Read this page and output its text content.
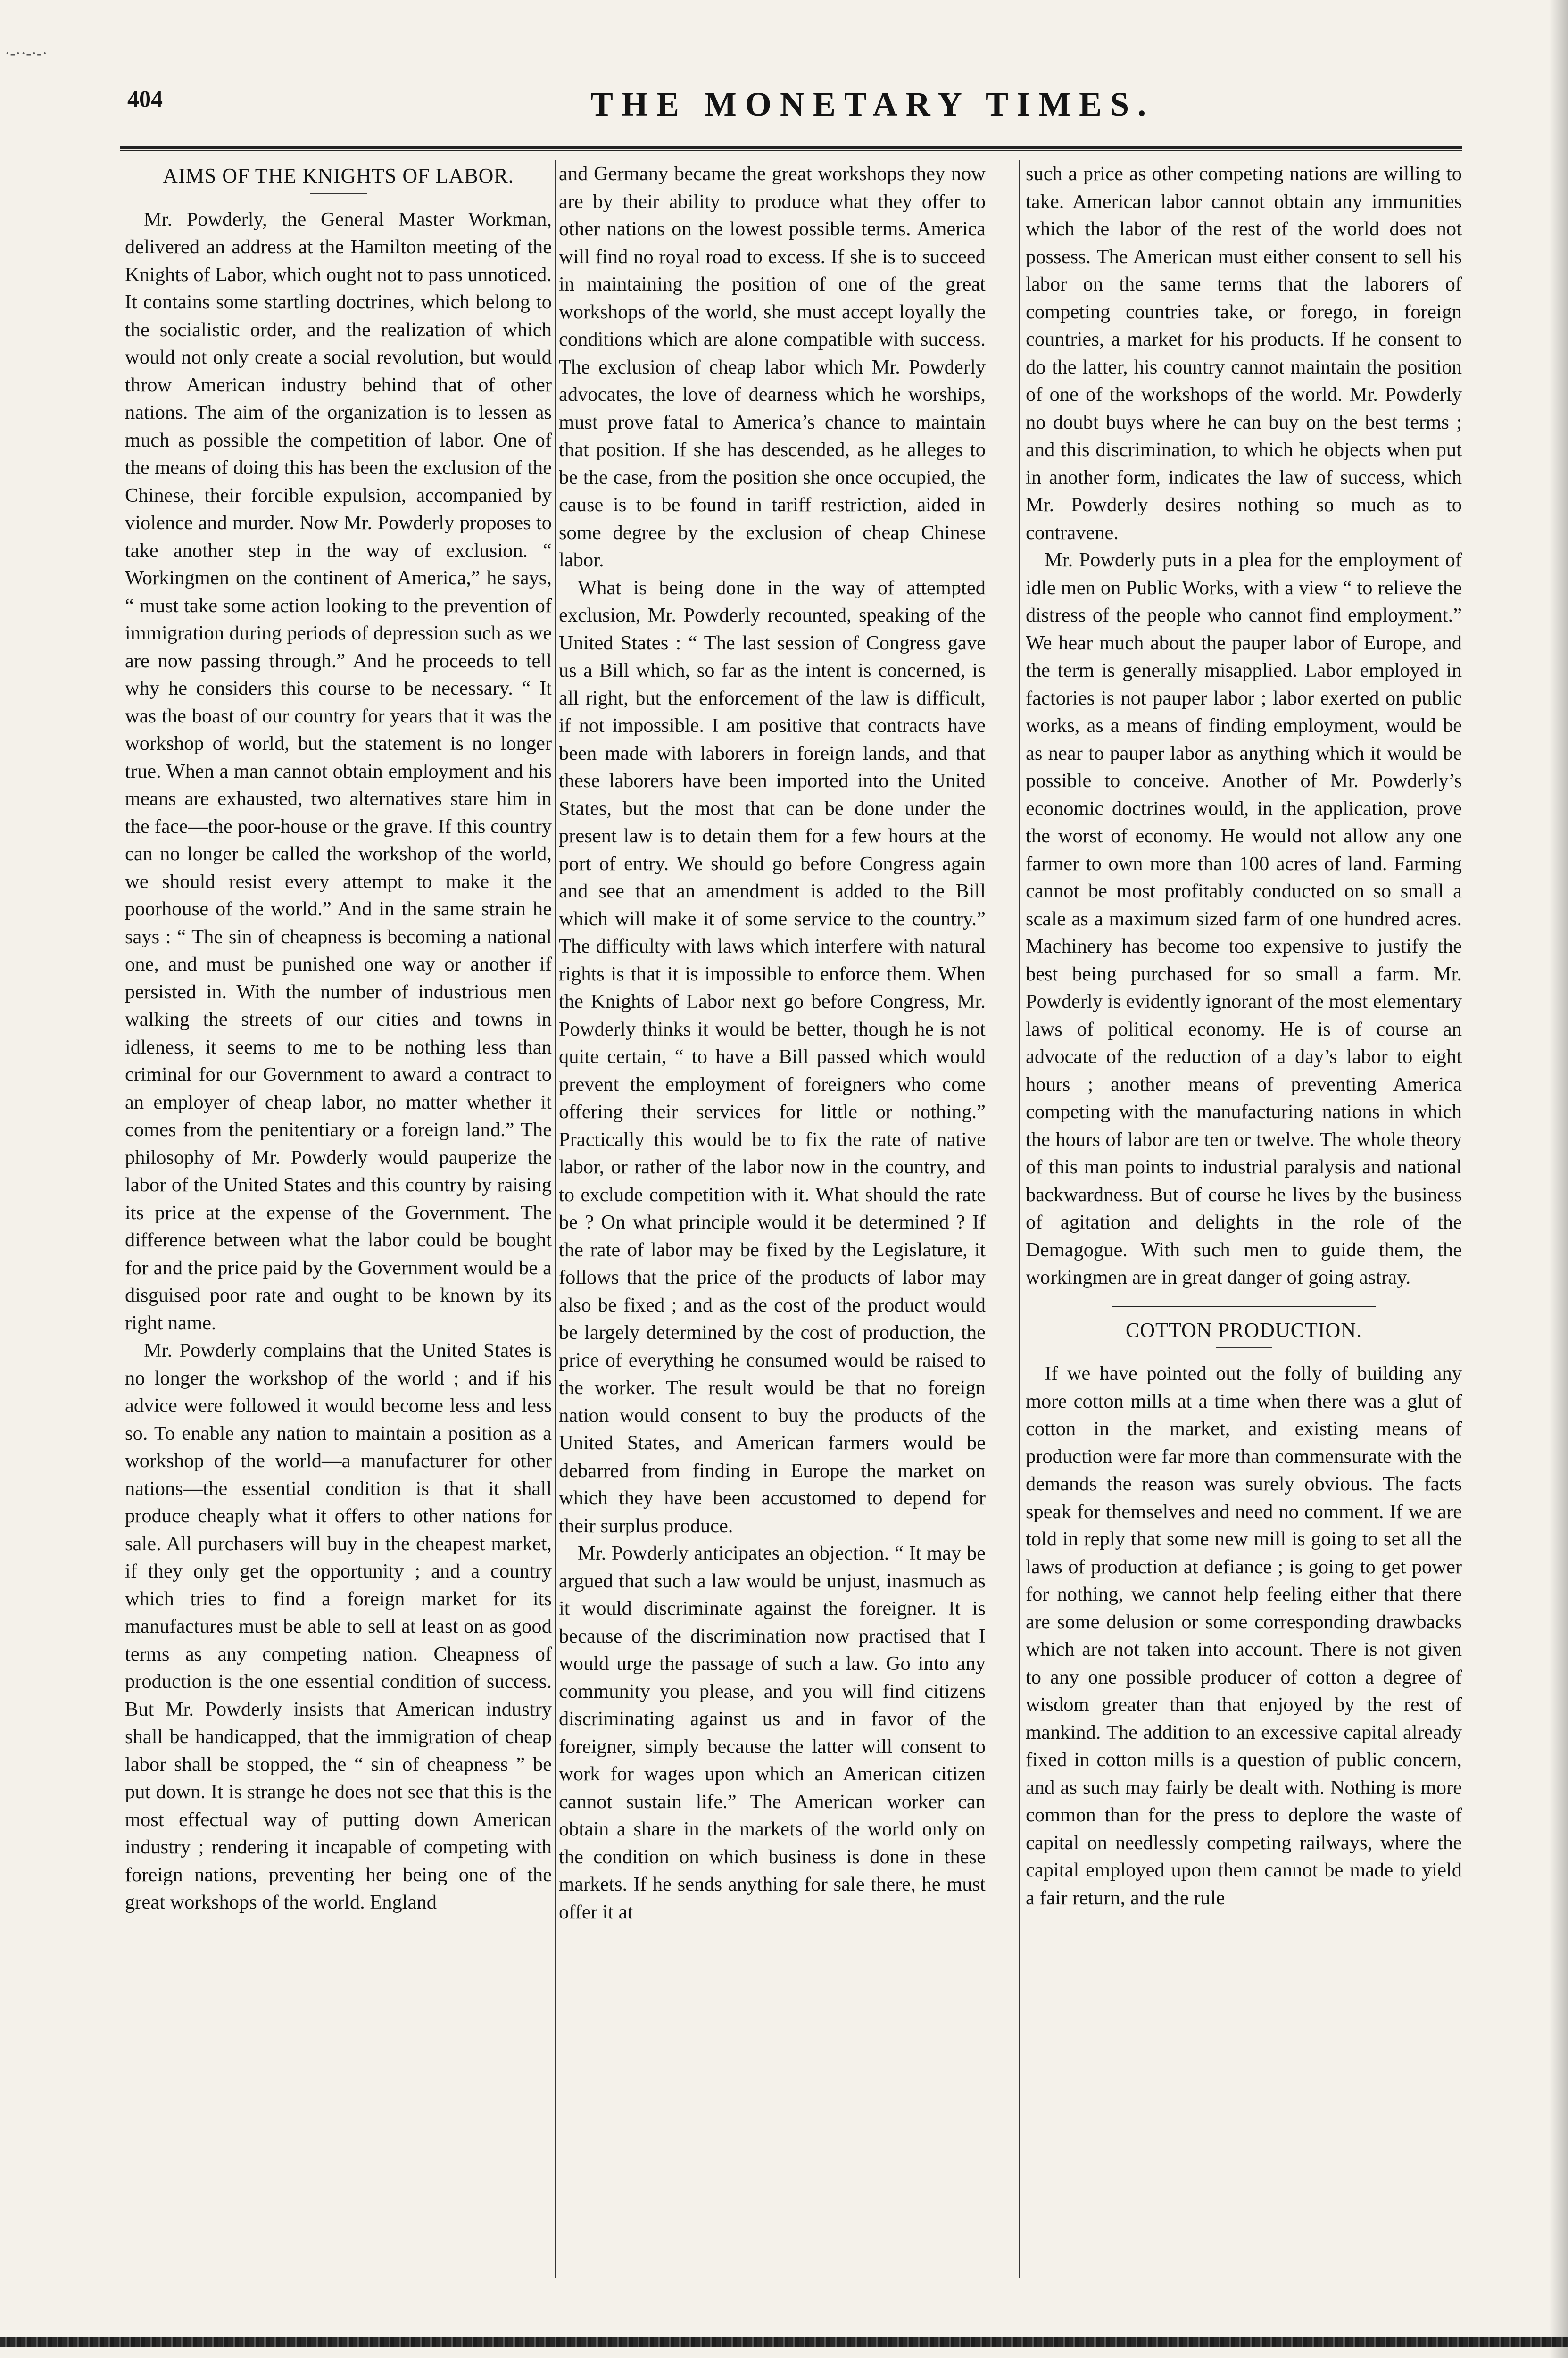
·-··-·-·
404	THE MONETARY TIMES.
AIMS OF THE KNIGHTS OF LABOR.

Mr. Powderly, the General Master Workman, delivered an address at the Hamilton meeting of the Knights of Labor, which ought not to pass unnoticed. It contains some startling doctrines, which belong to the socialistic order, and the realization of which would not only create a social revolution, but would throw American industry behind that of other nations. The aim of the organization is to lessen as much as possible the competition of labor. One of the means of doing this has been the exclusion of the Chinese, their forcible expulsion, accompanied by violence and murder. Now Mr. Powderly proposes to take another step in the way of exclusion. “ Workingmen on the continent of America,” he says, “ must take some action looking to the prevention of immigration during periods of depression such as we are now passing through.” And he proceeds to tell why he considers this course to be necessary. “ It was the boast of our country for years that it was the workshop of world, but the statement is no longer true. When a man cannot obtain employment and his means are exhausted, two alternatives stare him in the face—the poor-house or the grave. If this country can no longer be called the workshop of the world, we should resist every attempt to make it the poorhouse of the world.” And in the same strain he says : “ The sin of cheapness is becoming a national one, and must be punished one way or another if persisted in. With the number of industrious men walking the streets of our cities and towns in idleness, it seems to me to be nothing less than criminal for our Government to award a contract to an employer of cheap labor, no matter whether it comes from the penitentiary or a foreign land.” The philosophy of Mr. Powderly would pauperize the labor of the United States and this country by raising its price at the expense of the Government. The difference between what the labor could be bought for and the price paid by the Government would be a disguised poor rate and ought to be known by its right name.

Mr. Powderly complains that the United States is no longer the workshop of the world ; and if his advice were followed it would become less and less so. To enable any nation to maintain a position as a workshop of the world—a manufacturer for other nations—the essential condition is that it shall produce cheaply what it offers to other nations for sale. All purchasers will buy in the cheapest market, if they only get the opportunity ; and a country which tries to find a foreign market for its manufactures must be able to sell at least on as good terms as any competing nation. Cheapness of production is the one essential condition of success. But Mr. Powderly insists that American industry shall be handicapped, that the immigration of cheap labor shall be stopped, the “ sin of cheapness ” be put down. It is strange he does not see that this is the most effectual way of putting down American industry ; rendering it incapable of competing with foreign nations, preventing her being one of the great workshops of the world. England

and Germany became the great workshops they now are by their ability to produce what they offer to other nations on the lowest possible terms. America will find no royal road to excess. If she is to succeed in maintaining the position of one of the great workshops of the world, she must accept loyally the conditions which are alone compatible with success. The exclusion of cheap labor which Mr. Powderly advocates, the love of dearness which he worships, must prove fatal to America’s chance to maintain that position. If she has descended, as he alleges to be the case, from the position she once occupied, the cause is to be found in tariff restriction, aided in some degree by the exclusion of cheap Chinese labor.

What is being done in the way of attempted exclusion, Mr. Powderly recounted, speaking of the United States : “ The last session of Congress gave us a Bill which, so far as the intent is concerned, is all right, but the enforcement of the law is difficult, if not impossible. I am positive that contracts have been made with laborers in foreign lands, and that these laborers have been imported into the United States, but the most that can be done under the present law is to detain them for a few hours at the port of entry. We should go before Congress again and see that an amendment is added to the Bill which will make it of some service to the country.” The difficulty with laws which interfere with natural rights is that it is impossible to enforce them. When the Knights of Labor next go before Congress, Mr. Powderly thinks it would be better, though he is not quite certain, “ to have a Bill passed which would prevent the employment of foreigners who come offering their services for little or nothing.” Practically this would be to fix the rate of native labor, or rather of the labor now in the country, and to exclude competition with it. What should the rate be ? On what principle would it be determined ? If the rate of labor may be fixed by the Legislature, it follows that the price of the products of labor may also be fixed ; and as the cost of the product would be largely determined by the cost of production, the price of everything he consumed would be raised to the worker. The result would be that no foreign nation would consent to buy the products of the United States, and American farmers would be debarred from finding in Europe the market on which they have been accustomed to depend for their surplus produce.

Mr. Powderly anticipates an objection. “ It may be argued that such a law would be unjust, inasmuch as it would discriminate against the foreigner. It is because of the discrimination now practised that I would urge the passage of such a law. Go into any community you please, and you will find citizens discriminating against us and in favor of the foreigner, simply because the latter will consent to work for wages upon which an American citizen cannot sustain life.” The American worker can obtain a share in the markets of the world only on the condition on which business is done in these markets. If he sends anything for sale there, he must offer it at

such a price as other competing nations are willing to take. American labor cannot obtain any immunities which the labor of the rest of the world does not possess. The American must either consent to sell his labor on the same terms that the laborers of competing countries take, or forego, in foreign countries, a market for his products. If he consent to do the latter, his country cannot maintain the position of one of the workshops of the world. Mr. Powderly no doubt buys where he can buy on the best terms ; and this discrimination, to which he objects when put in another form, indicates the law of success, which Mr. Powderly desires nothing so much as to contravene.

Mr. Powderly puts in a plea for the employment of idle men on Public Works, with a view “ to relieve the distress of the people who cannot find employment.” We hear much about the pauper labor of Europe, and the term is generally misapplied. Labor employed in factories is not pauper labor ; labor exerted on public works, as a means of finding employment, would be as near to pauper labor as anything which it would be possible to conceive. Another of Mr. Powderly’s economic doctrines would, in the application, prove the worst of economy. He would not allow any one farmer to own more than 100 acres of land. Farming cannot be most profitably conducted on so small a scale as a maximum sized farm of one hundred acres. Machinery has become too expensive to justify the best being purchased for so small a farm. Mr. Powderly is evidently ignorant of the most elementary laws of political economy. He is of course an advocate of the reduction of a day’s labor to eight hours ; another means of preventing America competing with the manufacturing nations in which the hours of labor are ten or twelve. The whole theory of this man points to industrial paralysis and national backwardness. But of course he lives by the business of agitation and delights in the role of the Demagogue. With such men to guide them, the workingmen are in great danger of going astray.

COTTON PRODUCTION.

If we have pointed out the folly of building any more cotton mills at a time when there was a glut of cotton in the market, and existing means of production were far more than commensurate with the demands the reason was surely obvious. The facts speak for themselves and need no comment. If we are told in reply that some new mill is going to set all the laws of production at defiance ; is going to get power for nothing, we cannot help feeling either that there are some delusion or some corresponding drawbacks which are not taken into account. There is not given to any one possible producer of cotton a degree of wisdom greater than that enjoyed by the rest of mankind. The addition to an excessive capital already fixed in cotton mills is a question of public concern, and as such may fairly be dealt with. Nothing is more common than for the press to deplore the waste of capital on needlessly competing railways, where the capital employed upon them cannot be made to yield a fair return, and the rule
